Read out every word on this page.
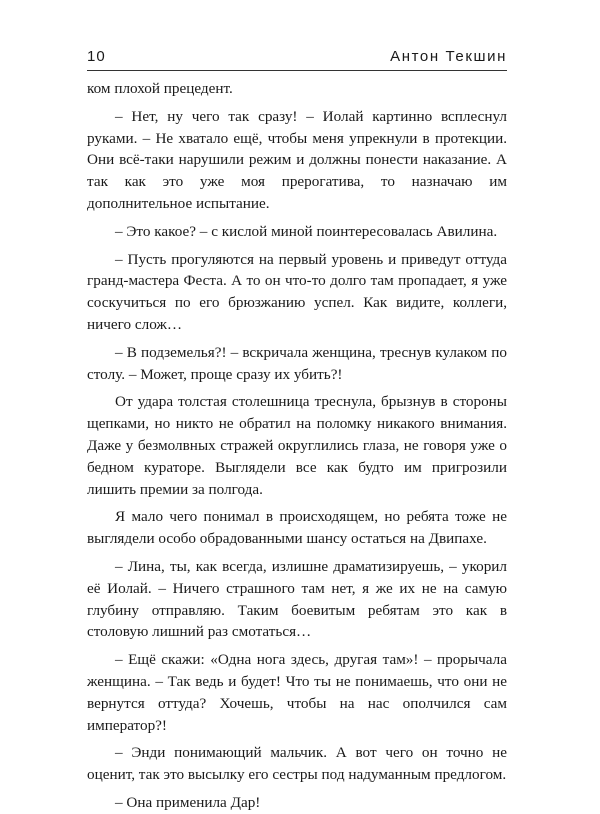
10	Антон Текшин

ком плохой прецедент.

– Нет, ну чего так сразу! – Иолай картинно всплеснул руками. – Не хватало ещё, чтобы меня упрекнули в протекции. Они всё-таки нарушили режим и должны понести наказание. А так как это уже моя прерогатива, то назначаю им дополнительное испытание.

– Это какое? – с кислой миной поинтересовалась Авилина.

– Пусть прогуляются на первый уровень и приведут оттуда гранд-мастера Феста. А то он что-то долго там пропадает, я уже соскучиться по его брюзжанию успел. Как видите, коллеги, ничего слож…

– В подземелья?! – вскричала женщина, треснув кулаком по столу. – Может, проще сразу их убить?!

От удара толстая столешница треснула, брызнув в стороны щепками, но никто не обратил на поломку никакого внимания. Даже у безмолвных стражей округлились глаза, не говоря уже о бедном кураторе. Выглядели все как будто им пригрозили лишить премии за полгода.

Я мало чего понимал в происходящем, но ребята тоже не выглядели особо обрадованными шансу остаться на Двипахе.

– Лина, ты, как всегда, излишне драматизируешь, – укорил её Иолай. – Ничего страшного там нет, я же их не на самую глубину отправляю. Таким боевитым ребятам это как в столовую лишний раз смотаться…

– Ещё скажи: «Одна нога здесь, другая там»! – прорычала женщина. – Так ведь и будет! Что ты не понимаешь, что они не вернутся оттуда? Хочешь, чтобы на нас ополчился сам император?!

– Энди понимающий мальчик. А вот чего он точно не оценит, так это высылку его сестры под надуманным предлогом.

– Она применила Дар!
